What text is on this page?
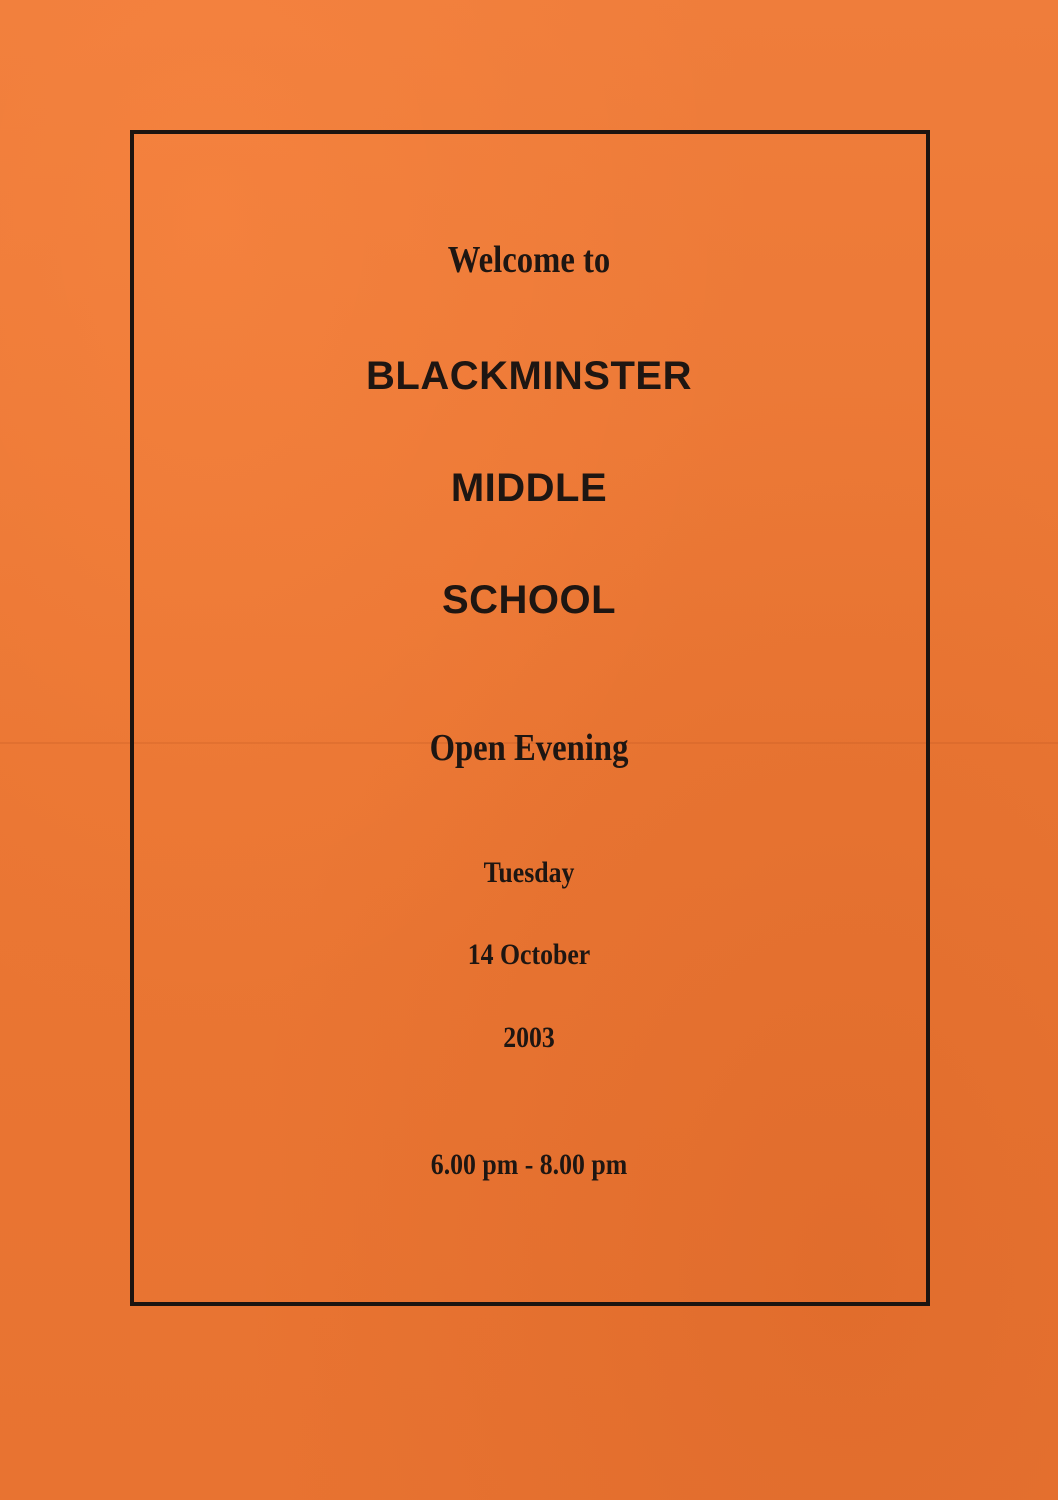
Welcome to
BLACKMINSTER
MIDDLE
SCHOOL
Open Evening
Tuesday
14 October
2003
6.00 pm - 8.00 pm
